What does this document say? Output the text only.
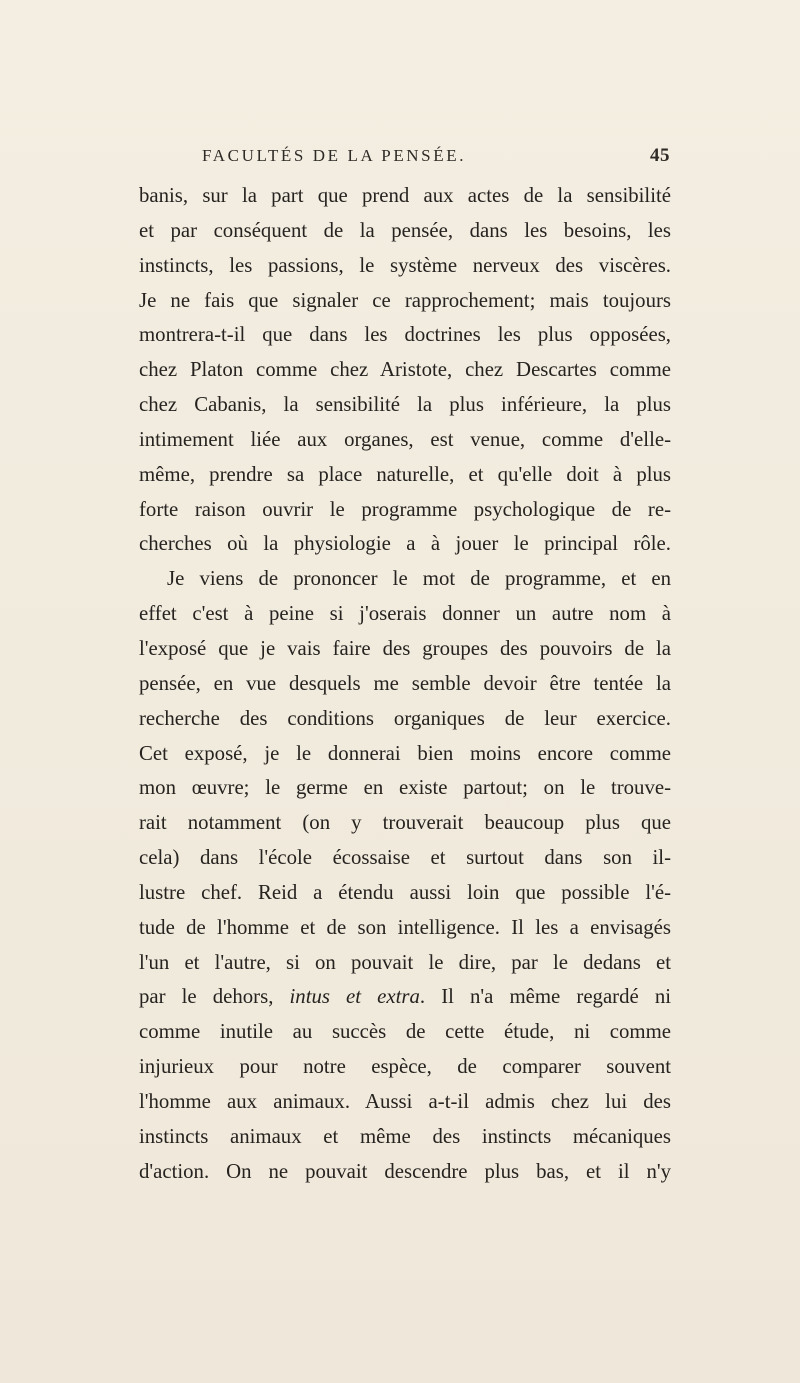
FACULTÉS DE LA PENSÉE.	45
banis, sur la part que prend aux actes de la sensibilité
et par conséquent de la pensée, dans les besoins, les
instincts, les passions, le système nerveux des viscères.
Je ne fais que signaler ce rapprochement; mais toujours
montrera-t-il que dans les doctrines les plus opposées,
chez Platon comme chez Aristote, chez Descartes comme
chez Cabanis, la sensibilité la plus inférieure, la plus
intimement liée aux organes, est venue, comme d'elle-
même, prendre sa place naturelle, et qu'elle doit à plus
forte raison ouvrir le programme psychologique de re-
cherches où la physiologie a à jouer le principal rôle.
Je viens de prononcer le mot de programme, et en
effet c'est à peine si j'oserais donner un autre nom à
l'exposé que je vais faire des groupes des pouvoirs de la
pensée, en vue desquels me semble devoir être tentée la
recherche des conditions organiques de leur exercice.
Cet exposé, je le donnerai bien moins encore comme
mon œuvre; le germe en existe partout; on le trouve-
rait notamment (on y trouverait beaucoup plus que
cela) dans l'école écossaise et surtout dans son il-
lustre chef. Reid a étendu aussi loin que possible l'é-
tude de l'homme et de son intelligence. Il les a envisagés
l'un et l'autre, si on pouvait le dire, par le dedans et
par le dehors, intus et extra. Il n'a même regardé ni
comme inutile au succès de cette étude, ni comme
injurieux pour notre espèce, de comparer souvent
l'homme aux animaux. Aussi a-t-il admis chez lui des
instincts animaux et même des instincts mécaniques
d'action. On ne pouvait descendre plus bas, et il n'y
